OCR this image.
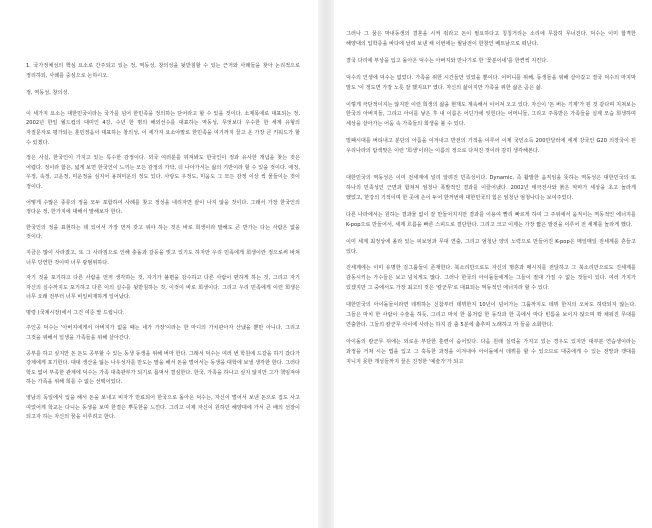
1. 국가정체성의 핵심 요소로 간주되고 있는 정, 역동성, 창의성을 뒷받침할 수 있는 근거와 사례들을 찾아 논리적으로 정리하되, 사례를 중심으로 논하시오.

정, 역동성, 창의성.

이 세가지 요소는 대한민국이라는 국가를 넘어 한민족을 정의하는 단어라고 할 수 있을 것이다. 소제목에로 대표되는 정, 2002년 한일 월드컵의 대미인 4강, 수년 한 명의 해외선수를 대표하는 역동성, 무엇보다 우수한 한 세계 유형의 자질문자로 평가되는 훈민정음이 대표하는 창의성, 이 세가지 요소야말로 한민족을 여기까지 끌고 온 가장 큰 키워드가 할 수 있겠다.

정은 사실, 한국인이 가지고 있는 특수한 감정이다. 외국 여러분를 뒤져봐도 한국인이 정과 유사한 개념을 찾는 것은 어렵다. 정이라 함은, 넓게 보면 한국인이 느끼는 모든 감정의 가닥, 더 나아가서는 삶의 기반이라 할 수 있을 것이다. 애정, 우정, 속정, 고운정, 미운정을 심지어 용혀미운의 정도 있다. 사랑도 우정도, 미움도 그 모든 감정 이상 씩 물들이는 것이 정이다.

어떻게 수많은 종류의 정을 모두 포함하여 사례를 찾고 정성을 내리자면 끝이 나지 않을 것이다. 그래서 가장 한국인의 정다운 정, 한가지에 대해서 말해보자 한다.

한국인의 정을 표현하는 데 있어서 가장 먼저 갖고 위야 하는 것은 바로 희생이라 말해도 큰 반가는 다는 사람은 없을 것이다.

지금은 많이 사라졌고, 또 그 사라짐으로 인해 충돌과 갈등을 빚고 있기도 하지만 우리 민족에게 희생이란 정으로써 바쳐 너무 당연한 것이며 너무 광범위하다.

자기 것을 포기하고 다른 사람을 먼저 생각하는 것, 자기가 불편을 감수하고 다른 사람이 편하게 하는 것, 그리고 자기 자신의 실수까지도 포기하고 다른 이의 실수를 뒷받침하는 것, 이것이 바로 희생이다. 그리고 우리 민족에게 이런 희생은 너무 오래 전부터 너무 비일비재하게 일어났다.

명령 (국제시장)에서 그건 여준 딸 드립니다.

주인공 덕수는 '아버지에게서 아버지가 없을 때는 네가 가장'이라는 한 마디의 가치관아자 산냈을 뿐만 아니다. 그리고 그것을 위해서 일생을 가족들을 위해 살아간다.

공부를 하고 싶지만 돈 돈도 공부할 수 있는 동생 동생을 위해 버마 한다. 그래서 덕수는 여러 번 학원에 드갈을 하기 갔다가 강제에게 포기한다. 대대 생산을 잃는 나우성자를 만도는 말을 해서 돈을 벌어서는 동생을 대학에 보낼 생각한 한다. 그러다 학도 없어 부족한 관계에 덕수는 가족 대축관부가 되기로 몸먹서 결심한다. 한국, 가족을 하나고 싶지 않지만 그가 책임져야 하는 가족을 위해 희를 수 없는 선택이었다.

영남의 독일에서 입을 해서 돈을 보내고 비자가 만료되어 한국으로 돌아온 덕수는, 자신이 벌어서 보낸 돈으로 집도 사고 여었어게 학교는 다니는 동생을 보며 한결은 뿌듯한을 느낀다. 그리고 이제 자신이 원하던 해양대에 가서 큰 배의 선장이 되고자 하는 자신의 꿈을 이루려고 한다.

그러나 그 꿈은 막내동생의 결혼을 시켜 줘라고 돈이 필요하다고 칭칭거리는 소리에 무참히 무너진다. 덕수는 이미 합격한 해양대의 입학증을 바다에 날려 보낸 채 이번에는 월남전이 한창인 베트남으로 떠난다.

결국 다리에 부상을 입고 돌아온 덕수는 아버지와 만나기로 한 '꽃분이네'를 한켠씩 지킨다.

덕수의 인생에 덕수는 없었다. 가족을 위한 시간들만 있었을 뿐이다. 어머니를 위해, 동생들을 위해 살아갔고 결국 덕수의 마지막 말도 '이 정도면 가장 노릇 잘 했지요?' 였다. 자신의 삶이지만 가족을 위한 삶은 곧은 삶.

이렇게 극단적이지는 않지만 이런 희생의 삶을 현재도 계속해서 이어져 오고 있다. 자신이 '돈 버는 기계'가 된 것 같다며 지쳐보는 한국의 아버지들, 그리고 아이를 낳은 후 내 이름은 어딘가에 잊힌다는 어머니들, 그리고 주목받은 가족들을 실제 모습 희생하며 세상을 살아가는 어둠 속 가족들의 희생을 볼 수 있다.

밀폐시대를 버티내고 분단의 아픔을 이겨내고 반전의 기적을 이루어 이제 국민소득 200만달러에 세계 강국인 G20 의장국이 된 우리나라의 탐색맞은 이런 '희생'이라는 이름의 정으로 다져진 것이라 감히 생각해본다.

대한민국의 역동성은 이미 전세계에 널리 알려진 민족성이다. Dynamic, 즉 활발한 움직임을 뜻하는 역동성은 대한민국의 또 하나의 민족성인 근면과 합쳐져 엄청나 폭발적인 결과를 이끌어냈다. 2002년 태극전사와 붉은 악마가 세상을 초고 놀라게 했었고, 한강의 기적이며 한 곳에 손이 두어 한꺼번에 대한민국의 힘은 엄청난 엄청나다는 보여주었다.

다른 나라에서는 원하는 결과물 없이 잘 만들어지지만 결과를 이용여 빨리 빠르게 하여 그 주위에서 움직이는 역동적인 에너지를 K-pop으로 만들어서, 세계 흐름을 빠른 스피드로 결단한다. 그리고 크고 이제는 가장 짧은 발전을 이루어 전 세계를 놀라게 했다.

이미 세계 최정상에 올라 있는 피보엉과 무대 연출, 그리고 엄청난 양의 노력으로 만들어진 K-pop은 매일매일 전세계를 흔들고 있다.

진세계에는 이미 유명한 걸그룹들이 존재한다. 북소리만으로도 자신의 명흔과 메시지를 전달하고 그 북소리만으로도 진세계를 감동시키는 가수들은 보고 넘치게도 많다. 그러나 한국의 아이돌들에게는 그들이 절대 가질 수 없는 것들이 있다. 여러 가지가 있겠지만 그 중에서도 가장 최고의 것은 '칼군무'로 대표되는 역동적인 에너지라 할 수 있다.

대한민국의 아이돌들이라면 데뷔하는 신참부터 데뷔한지 10년이 넘어가는 그룹까지도 데뷔 한지의 오차도 허락되지 않는다. 그들은 마치 한 사람이 수술을 하듯, 그리고 마치 한 몸처럼 한 동작과 한 곡에서 마다 빈틈을 보이지 않으며 꽉 채워진 무대를 연출한다. 그들의 칼군무 사이에 사라는 하지 감 출 5분에 춤추며 노래하고 자 들을 소화한다.

아이돌의 칼군무 뒤에는 외로운 부단한 훈련이 숨어있다. 다음 원래 실력을 가지고 있는 경우도 있지만 대부분 연습생이라는 과정을 거쳐 시는 법을 입고 그 혹독한 과정을 이겨내야 아이돌에서 데뷔를 할 수 있으므로 대중에게 수 있는 전망과 갯대를 지니지 못한 개성들까지 꿀은 진정한 '예술가'가 되고
